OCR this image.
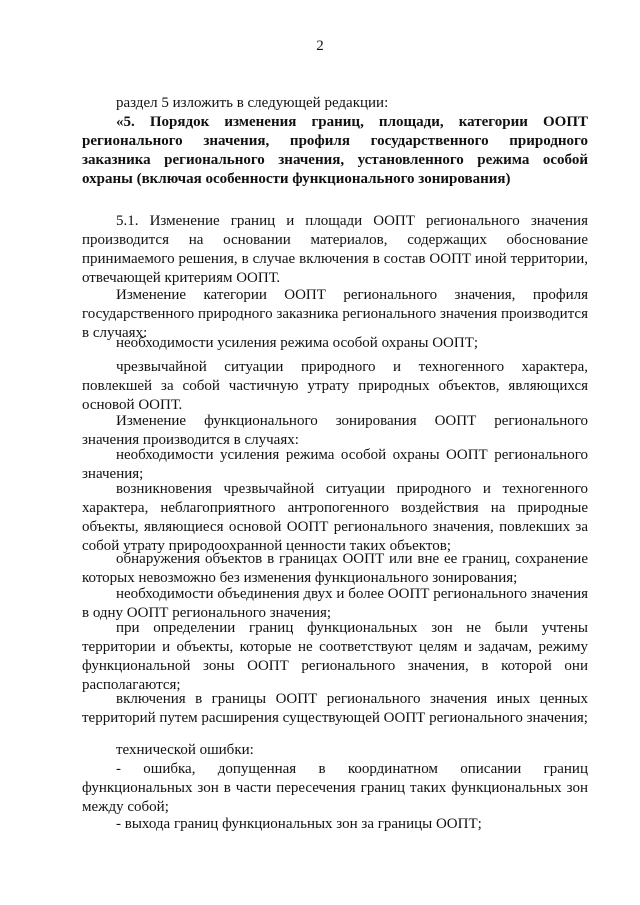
2

раздел 5 изложить в следующей редакции:

«5. Порядок изменения границ, площади, категории ООПТ регионального значения, профиля государственного природного заказника регионального значения, установленного режима особой охраны (включая особенности функционального зонирования)

5.1. Изменение границ и площади ООПТ регионального значения производится на основании материалов, содержащих обоснование принимаемого решения, в случае включения в состав ООПТ иной территории, отвечающей критериям ООПТ.

Изменение категории ООПТ регионального значения, профиля государственного природного заказника регионального значения производится в случаях:

необходимости усиления режима особой охраны ООПТ;

чрезвычайной ситуации природного и техногенного характера, повлекшей за собой частичную утрату природных объектов, являющихся основой ООПТ.

Изменение функционального зонирования ООПТ регионального значения производится в случаях:

необходимости усиления режима особой охраны ООПТ регионального значения;

возникновения чрезвычайной ситуации природного и техногенного характера, неблагоприятного антропогенного воздействия на природные объекты, являющиеся основой ООПТ регионального значения, повлекших за собой утрату природоохранной ценности таких объектов;

обнаружения объектов в границах ООПТ или вне ее границ, сохранение которых невозможно без изменения функционального зонирования;

необходимости объединения двух и более ООПТ регионального значения в одну ООПТ регионального значения;

при определении границ функциональных зон не были учтены территории и объекты, которые не соответствуют целям и задачам, режиму функциональной зоны ООПТ регионального значения, в которой они располагаются;

включения в границы ООПТ регионального значения иных ценных территорий путем расширения существующей ООПТ регионального значения;

технической ошибки:

- ошибка, допущенная в координатном описании границ функциональных зон в части пересечения границ таких функциональных зон между собой;

- выхода границ функциональных зон за границы ООПТ;
